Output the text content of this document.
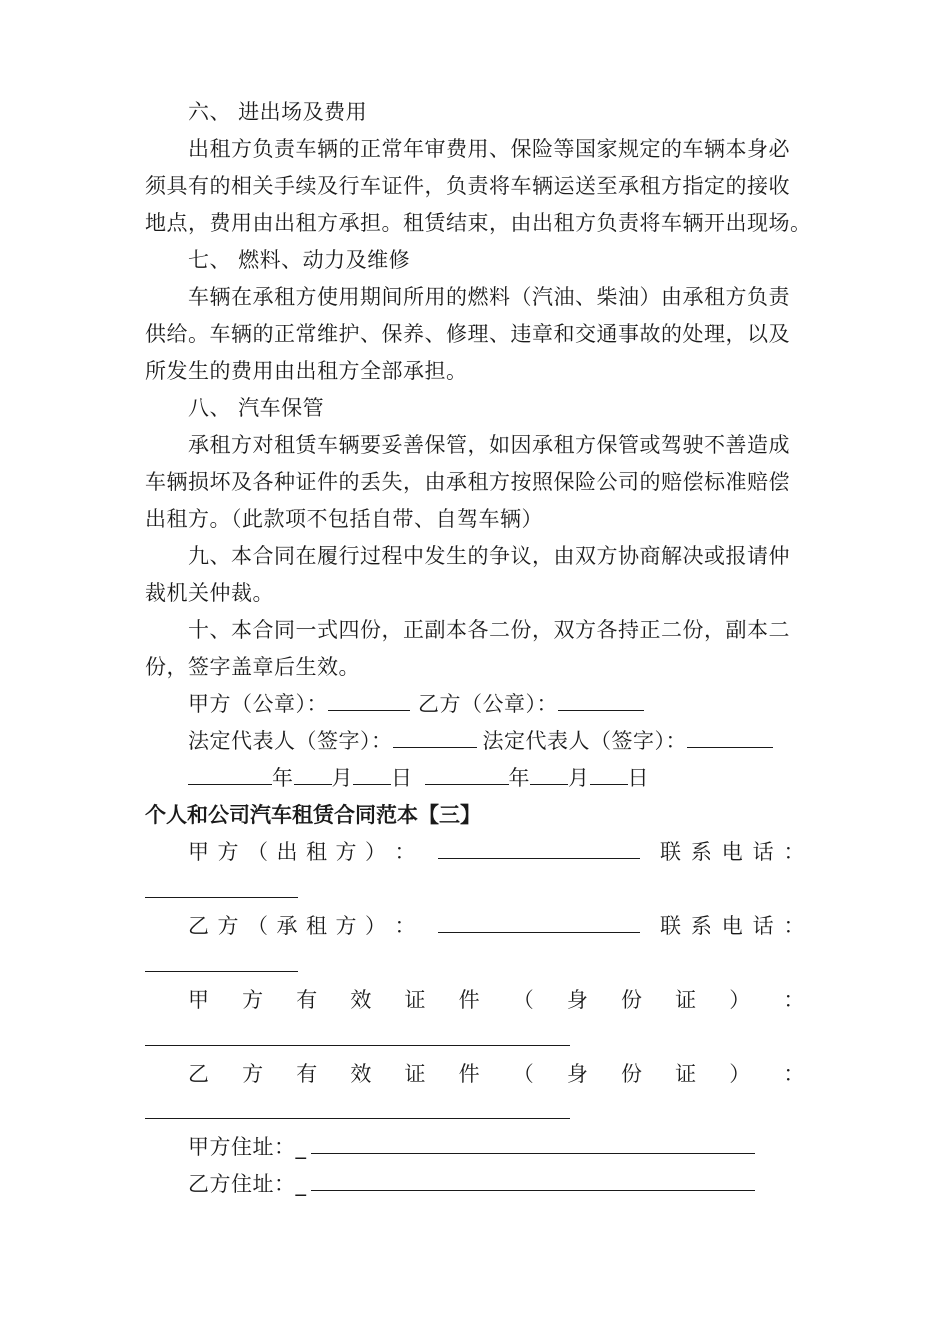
六、 进出场及费用
出租方负责车辆的正常年审费用、保险等国家规定的车辆本身必
须具有的相关手续及行车证件，负责将车辆运送至承租方指定的接收
地点，费用由出租方承担。租赁结束，由出租方负责将车辆开出现场。
七、 燃料、动力及维修
车辆在承租方使用期间所用的燃料（汽油、柴油）由承租方负责
供给。车辆的正常维护、保养、修理、违章和交通事故的处理，以及
所发生的费用由出租方全部承担。
八、 汽车保管
承租方对租赁车辆要妥善保管，如因承租方保管或驾驶不善造成
车辆损坏及各种证件的丢失，由承租方按照保险公司的赔偿标准赔偿
出租方。（此款项不包括自带、自驾车辆）
九、本合同在履行过程中发生的争议，由双方协商解决或报请仲
裁机关仲裁。
十、本合同一式四份，正副本各二份，双方各持正二份，副本二
份，签字盖章后生效。
甲方（公章）：	乙方（公章）：
法定代表人（签字）：	法定代表人（签字）：
年 月 日	年 月 日
个人和公司汽车租赁合同范本【三】
甲 方 （ 出 租 方 ） ：	联 系 电 话 ：
乙 方 （ 承 租 方 ） ：	联 系 电 话 ：
甲 方 有 效 证 件 （ 身 份 证 ） ：
乙 方 有 效 证 件 （ 身 份 证 ） ：
甲方住址：_
乙方住址：_
